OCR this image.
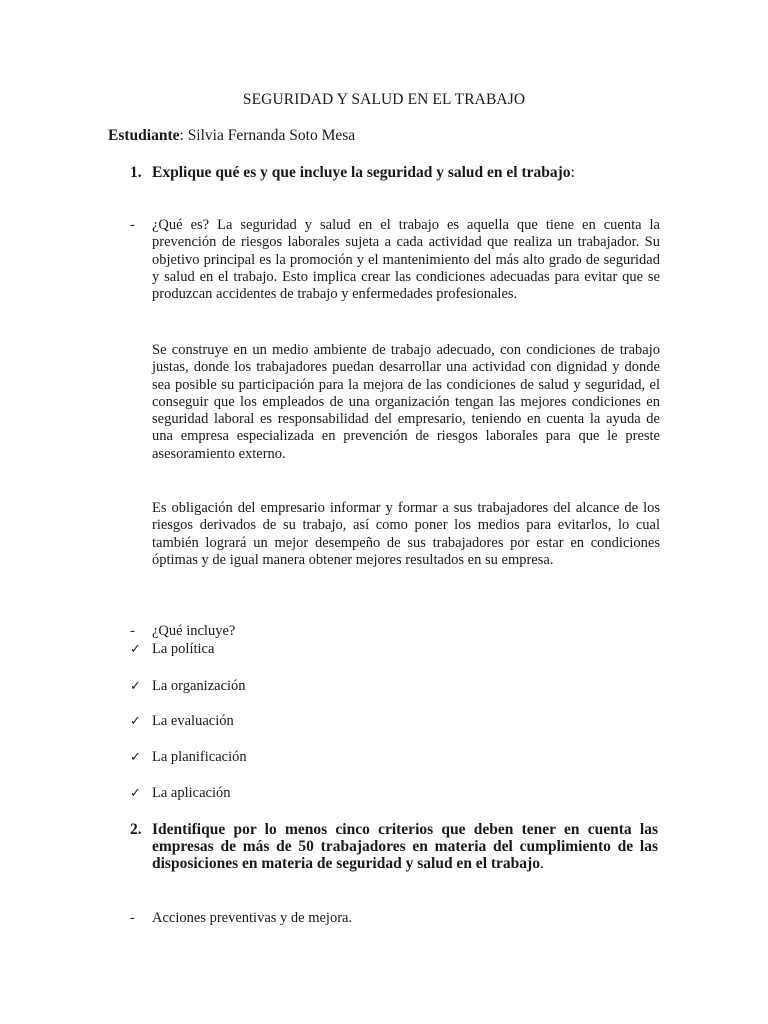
SEGURIDAD Y SALUD EN EL TRABAJO
Estudiante: Silvia Fernanda Soto Mesa
1. Explique qué es y que incluye la seguridad y salud en el trabajo:
- ¿Qué es? La seguridad y salud en el trabajo es aquella que tiene en cuenta la prevención de riesgos laborales sujeta a cada actividad que realiza un trabajador. Su objetivo principal es la promoción y el mantenimiento del más alto grado de seguridad y salud en el trabajo. Esto implica crear las condiciones adecuadas para evitar que se produzcan accidentes de trabajo y enfermedades profesionales.
Se construye en un medio ambiente de trabajo adecuado, con condiciones de trabajo justas, donde los trabajadores puedan desarrollar una actividad con dignidad y donde sea posible su participación para la mejora de las condiciones de salud y seguridad, el conseguir que los empleados de una organización tengan las mejores condiciones en seguridad laboral es responsabilidad del empresario, teniendo en cuenta la ayuda de una empresa especializada en prevención de riesgos laborales para que le preste asesoramiento externo.
Es obligación del empresario informar y formar a sus trabajadores del alcance de los riesgos derivados de su trabajo, así como poner los medios para evitarlos, lo cual también logrará un mejor desempeño de sus trabajadores por estar en condiciones óptimas y de igual manera obtener mejores resultados en su empresa.
- ¿Qué incluye?
✓ La política
✓ La organización
✓ La evaluación
✓ La planificación
✓ La aplicación
2. Identifique por lo menos cinco criterios que deben tener en cuenta las empresas de más de 50 trabajadores en materia del cumplimiento de las disposiciones en materia de seguridad y salud en el trabajo.
- Acciones preventivas y de mejora.
